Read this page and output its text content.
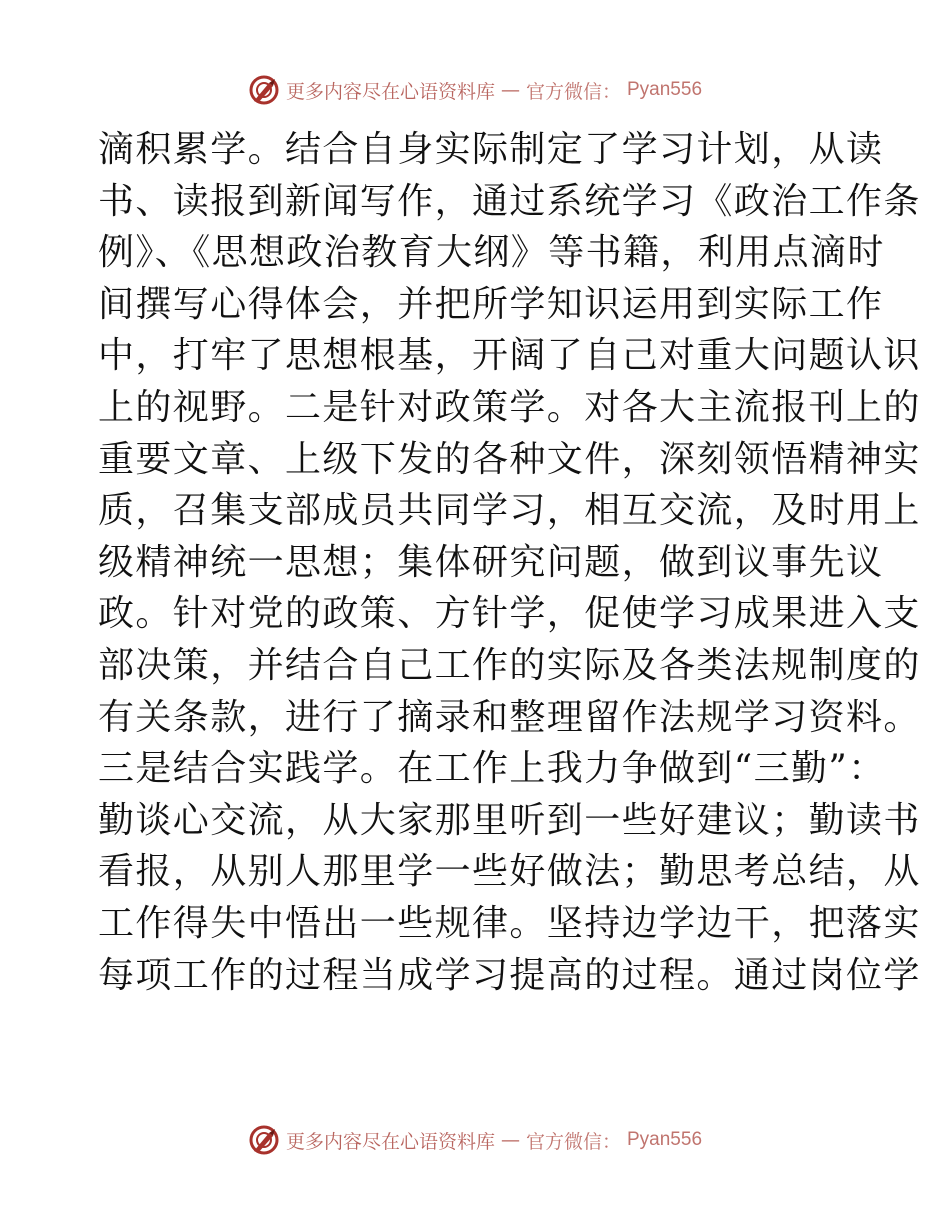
更多内容尽在心语资料库 — 官方微信： Pyan556
滴积累学。结合自身实际制定了学习计划，从读
书、读报到新闻写作，通过系统学习《政治工作条
例》、《思想政治教育大纲》等书籍，利用点滴时
间撰写心得体会，并把所学知识运用到实际工作
中，打牢了思想根基，开阔了自己对重大问题认识
上的视野。二是针对政策学。对各大主流报刊上的
重要文章、上级下发的各种文件，深刻领悟精神实
质，召集支部成员共同学习，相互交流，及时用上
级精神统一思想；集体研究问题，做到议事先议
政。针对党的政策、方针学，促使学习成果进入支
部决策，并结合自己工作的实际及各类法规制度的
有关条款，进行了摘录和整理留作法规学习资料。
三是结合实践学。在工作上我力争做到“三勤”：
勤谈心交流，从大家那里听到一些好建议；勤读书
看报，从别人那里学一些好做法；勤思考总结，从
工作得失中悟出一些规律。坚持边学边干，把落实
每项工作的过程当成学习提高的过程。通过岗位学
更多内容尽在心语资料库 — 官方微信： Pyan556
